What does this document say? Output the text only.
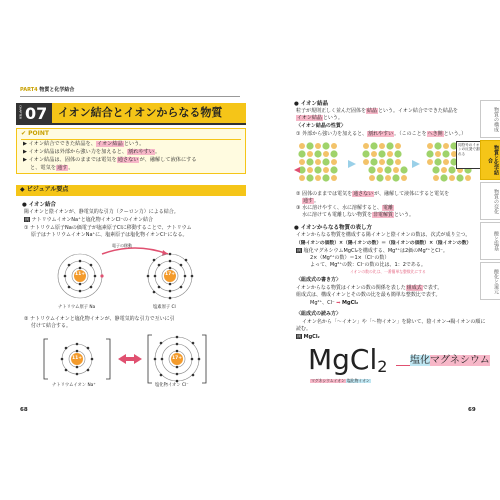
PART4 物質と化学結合
CHAPTER 07 イオン結合とイオンからなる物質
✔ POINT
▶ イオン結合でできた結晶を、イオン結晶という。
▶ イオン結晶は外部から強い力を加えると、割れやすい。
▶ イオン結晶は、固体のままでは電気を通さないが、融解して液体にする
と、電気を通す。
◆ ビジュアル要点
● イオン結合
陽イオンと陰イオンが、静電気的な引力（クーロン力）による結合。
例 ナトリウムイオンNa⁺と塩化物イオンCl⁻のイオン結合
① ナトリウム原子Naの価電子が塩素原子Clに移動することで、ナトリウム
原子はナトリウムイオンNa⁺に、塩素原子は塩化物イオンCl⁻になる。
電子の移動
11+	17+
ナトリウム原子 Na	塩素原子 Cl
② ナトリウムイオンと塩化物イオンが、静電気的な引力で互いに引
付けて結合する。
11+	17+
ナトリウムイオン Na⁺	塩化物イオン Cl⁻
68
● イオン結晶
粒子が規則正しく並んだ固体を結晶という。イオン結合でできた結晶を
イオン結晶という。
〈イオン結晶の性質〉
① 外部から強い力を加えると、割れやすい。（このことをへき開という。）
同符号のイオンの反発で割れる
② 固体のままでは電気を通さないが、融解して液体にすると電気を
通す。
③ 水に溶けやすく、水に溶解すると、電離
水に溶けても電離しない物質を非電解質という。
● イオンからなる物質の表し方
イオンからなる物質を構成する陽イオンと陰イオンの数は、次式が成り立つ。
（陽イオンの価数）×（陽イオンの数）＝（陰イオンの価数）×（陰イオンの数）
例 塩化マグネシウムMgCl₂を構成する、Mg²⁺は2価のMg²⁺とCl⁻。
2×（Mg²⁺の数）＝1×（Cl⁻の数）
よって、Mg²⁺の数：Cl⁻の数の比は、1：2である。
イオンの数の比は、一番簡単な整数比にする
〈組成式の書き方〉
イオンからなる物質はイオンの数の関係を表した組成式で表す。
組成式は、構成イオンとその数の比を最も簡単な整数比で表す。
Mg²⁺、Cl⁻ ➡ MgCl₂
〈組成式の読み方〉
イオン名から「～イオン」や「～物イオン」を除いて、陰イオン→陽イオンの順に
読む。
例 MgCl₂
MgCl2 塩化マグネシウム
マグネシウムイオン 塩化物イオン
69
物質の構成
物質と化学結合
物質の変化
酸と塩基
酸化と還元
